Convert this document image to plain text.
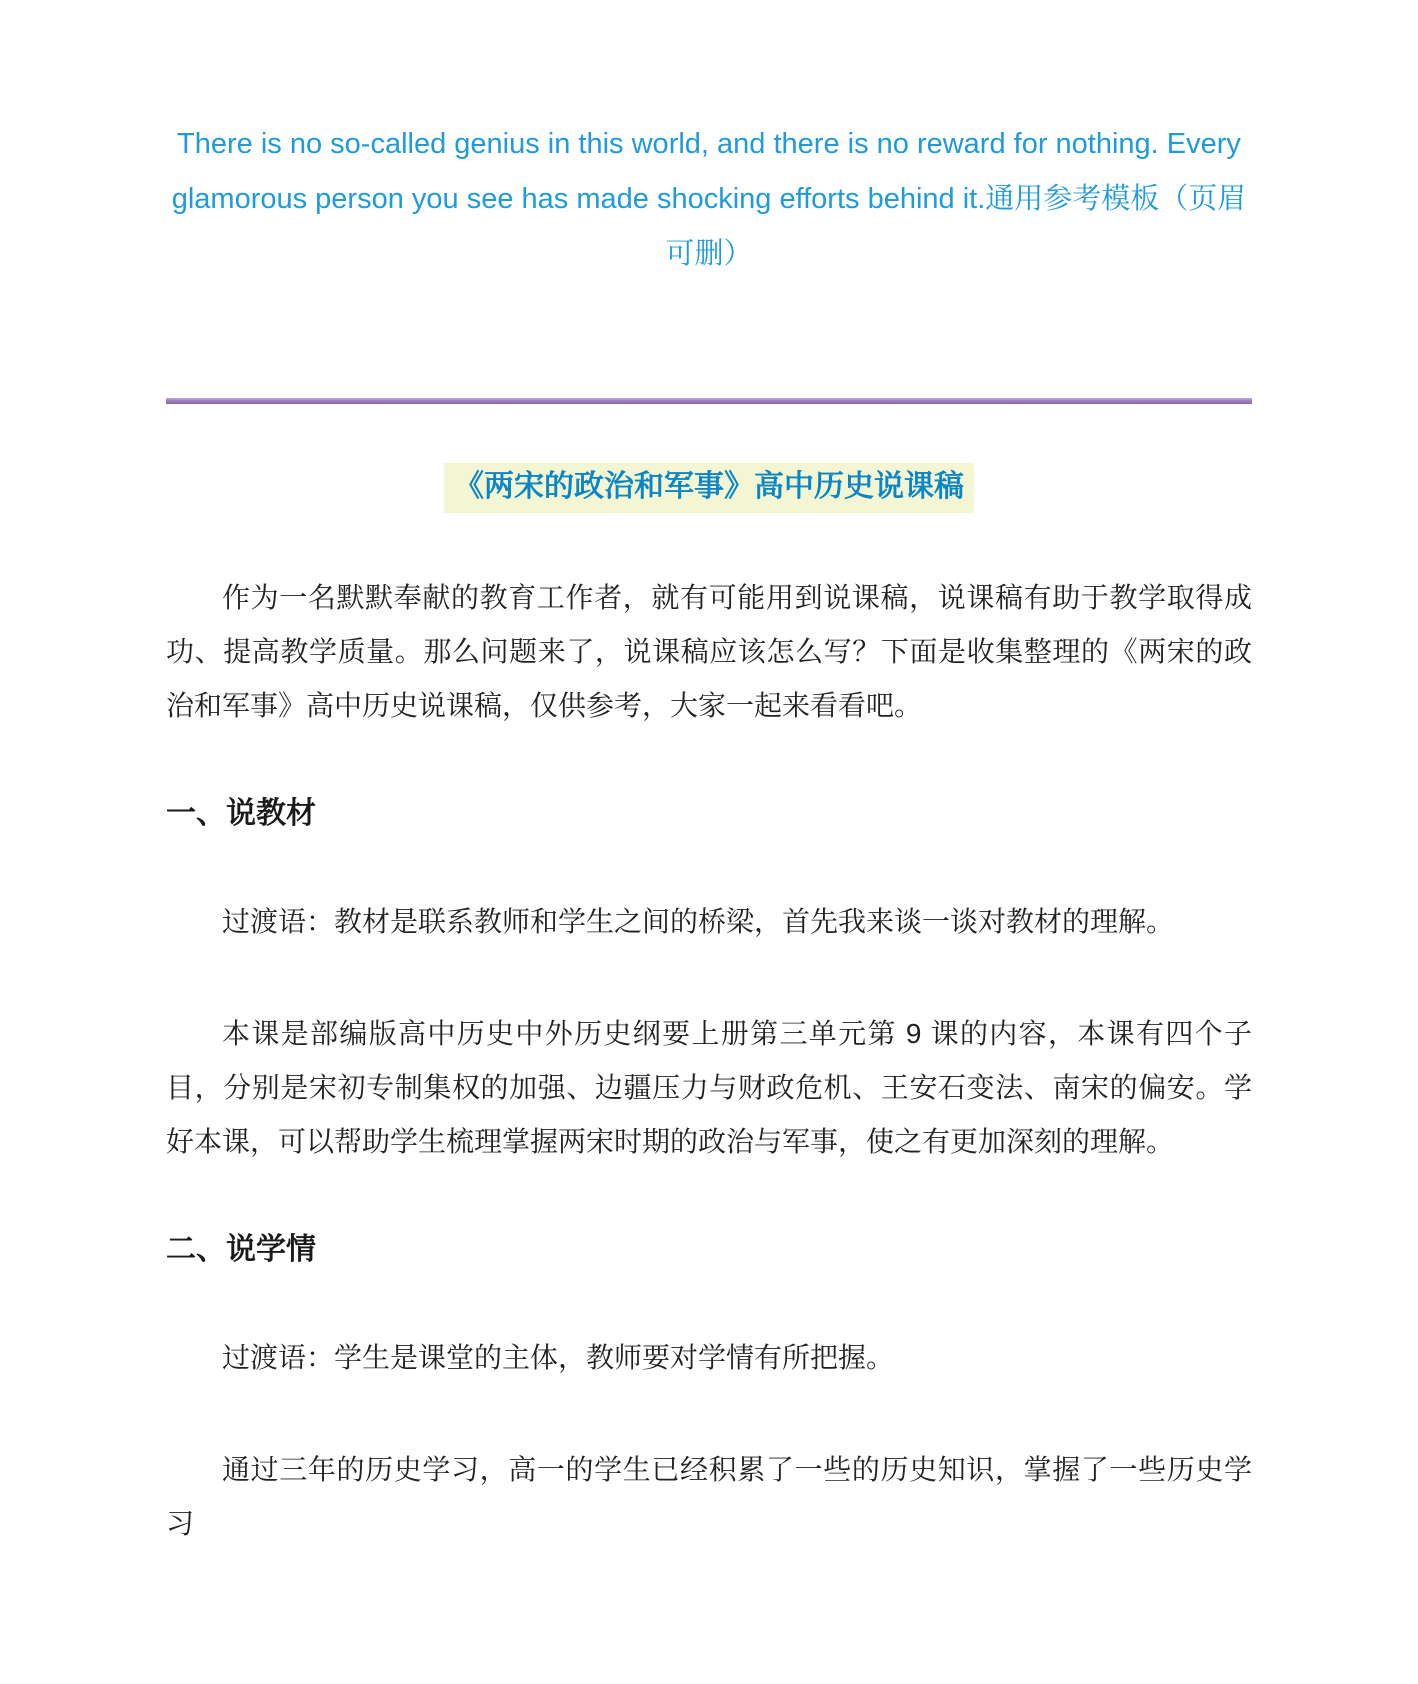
There is no so-called genius in this world, and there is no reward for nothing. Every
glamorous person you see has made shocking efforts behind it.通用参考模板（页眉
可删）
《两宋的政治和军事》高中历史说课稿

作为一名默默奉献的教育工作者，就有可能用到说课稿，说课稿有助于教学取得成功、提高教学质量。那么问题来了，说课稿应该怎么写？下面是收集整理的《两宋的政治和军事》高中历史说课稿，仅供参考，大家一起来看看吧。

一、说教材

过渡语：教材是联系教师和学生之间的桥梁，首先我来谈一谈对教材的理解。

本课是部编版高中历史中外历史纲要上册第三单元第 9 课的内容，本课有四个子目，分别是宋初专制集权的加强、边疆压力与财政危机、王安石变法、南宋的偏安。学好本课，可以帮助学生梳理掌握两宋时期的政治与军事，使之有更加深刻的理解。

二、说学情

过渡语：学生是课堂的主体，教师要对学情有所把握。

通过三年的历史学习，高一的学生已经积累了一些的历史知识，掌握了一些历史学习
